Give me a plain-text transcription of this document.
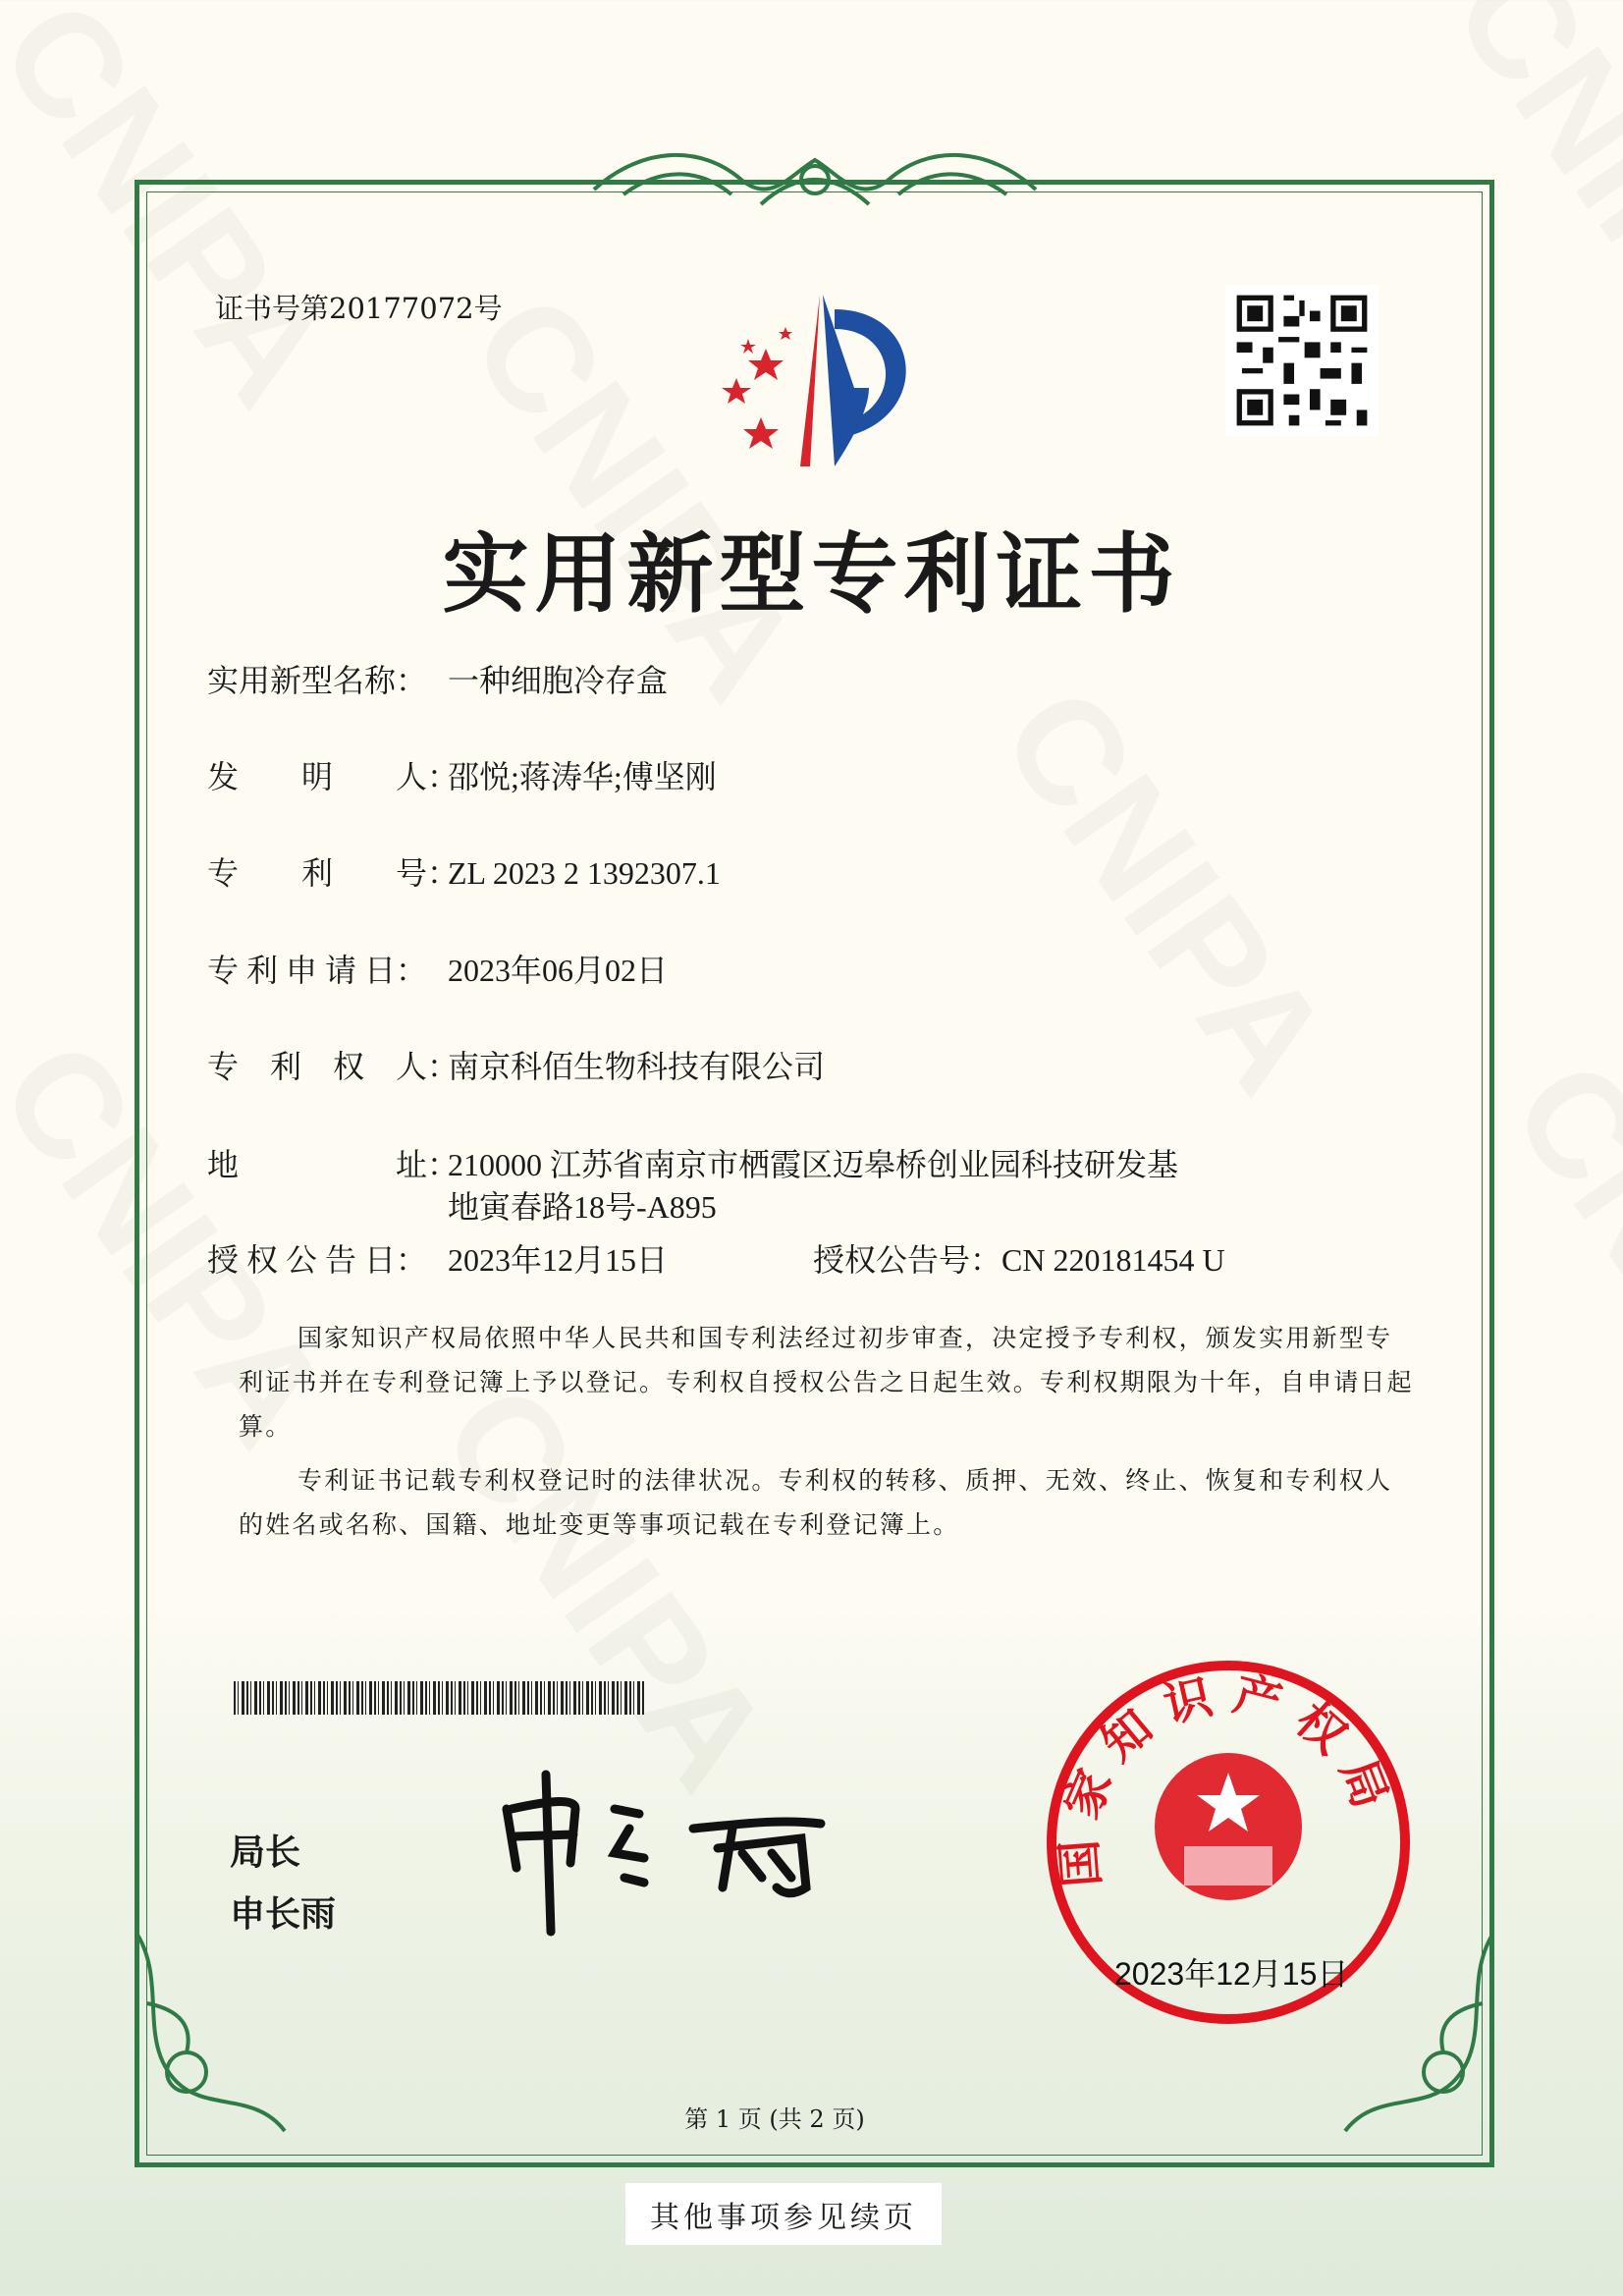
证书号第20177072号
实用新型专利证书
实用新型名称： 一种细胞冷存盒
发　　明　　人：邵悦;蒋涛华;傅坚刚
专　　利　　号：ZL 2023 2 1392307.1
专 利 申 请 日： 2023年06月02日
专　利　权　人：南京科佰生物科技有限公司
地　　　　　址：210000 江苏省南京市栖霞区迈皋桥创业园科技研发基
地寅春路18号-A895
授 权 公 告 日： 2023年12月15日	授权公告号：CN 220181454 U

国家知识产权局依照中华人民共和国专利法经过初步审查，决定授予专利权，颁发实用新型专利证书并在专利登记簿上予以登记。专利权自授权公告之日起生效。专利权期限为十年，自申请日起算。

专利证书记载专利权登记时的法律状况。专利权的转移、质押、无效、终止、恢复和专利权人的姓名或名称、国籍、地址变更等事项记载在专利登记簿上。

局长
申长雨
国家知识产权局
2023年12月15日
第 1 页 (共 2 页)
其他事项参见续页
